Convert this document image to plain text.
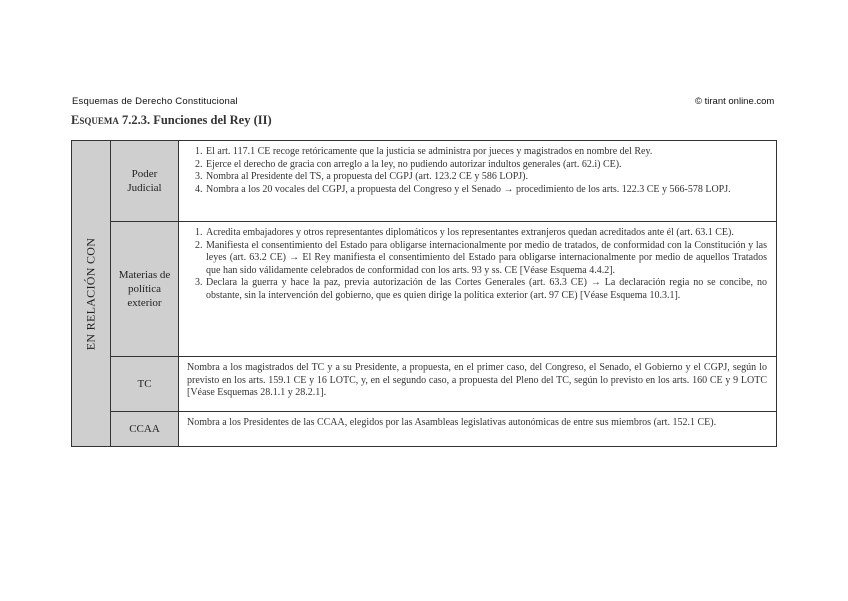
Esquemas de Derecho Constitucional	© tirant online.com
Esquema 7.2.3. Funciones del Rey (II)
EN RELACIÓN CON
Poder Judicial
1. El art. 117.1 CE recoge retóricamente que la justicia se administra por jueces y magistrados en nombre del Rey.
2. Ejerce el derecho de gracia con arreglo a la ley, no pudiendo autorizar indultos generales (art. 62.i) CE).
3. Nombra al Presidente del TS, a propuesta del CGPJ (art. 123.2 CE y 586 LOPJ).
4. Nombra a los 20 vocales del CGPJ, a propuesta del Congreso y el Senado → procedimiento de los arts. 122.3 CE y 566-578 LOPJ.
Materias de política exterior
1. Acredita embajadores y otros representantes diplomáticos y los representantes extranjeros quedan acreditados ante él (art. 63.1 CE).
2. Manifiesta el consentimiento del Estado para obligarse internacionalmente por medio de tratados, de conformidad con la Constitución y las leyes (art. 63.2 CE) → El Rey manifiesta el consentimiento del Estado para obligarse internacionalmente por medio de aquellos Tratados que han sido válidamente celebrados de conformidad con los arts. 93 y ss. CE [Véase Esquema 4.4.2].
3. Declara la guerra y hace la paz, previa autorización de las Cortes Generales (art. 63.3 CE) → La declaración regia no se concibe, no obstante, sin la intervención del gobierno, que es quien dirige la política exterior (art. 97 CE) [Véase Esquema 10.3.1].
TC
Nombra a los magistrados del TC y a su Presidente, a propuesta, en el primer caso, del Congreso, el Senado, el Gobierno y el CGPJ, según lo previsto en los arts. 159.1 CE y 16 LOTC, y, en el segundo caso, a propuesta del Pleno del TC, según lo previsto en los arts. 160 CE y 9 LOTC [Véase Esquemas 28.1.1 y 28.2.1].
CCAA
Nombra a los Presidentes de las CCAA, elegidos por las Asambleas legislativas autonómicas de entre sus miembros (art. 152.1 CE).
